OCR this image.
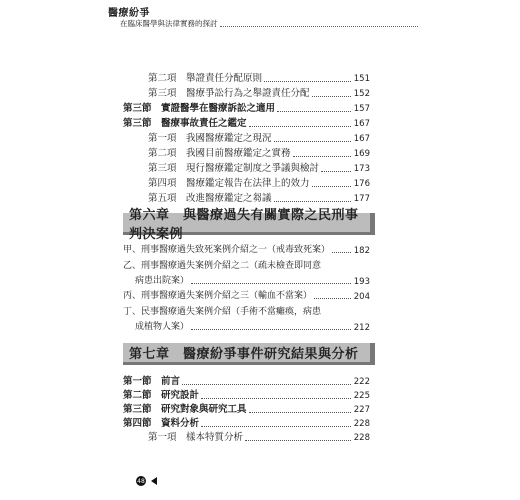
醫療紛爭
在臨床醫學與法律實務的探討
第二項　舉證責任分配原則	151
第三項　醫療爭訟行為之舉證責任分配	152
第三節　實證醫學在醫療訴訟之適用	157
第三節　醫療事故責任之鑑定	167
第一項　我國醫療鑑定之現況	167
第二項　我國目前醫療鑑定之實務	169
第三項　現行醫療鑑定制度之爭議與檢討	173
第四項　醫療鑑定報告在法律上的效力	176
第五項　改進醫療鑑定之芻議	177
第六章　與醫療過失有關實際之民刑事判決案例
甲、刑事醫療過失致死案例介紹之一（戒毒致死案）	182
乙、刑事醫療過失案例介紹之二（疏未檢查即同意
病患出院案）	193
丙、刑事醫療過失案例介紹之三（輸血不當案）	204
丁、民事醫療過失案例介紹（手術不當癱瘓，病患
成植物人案）	212
第七章　醫療紛爭事件研究結果與分析
第一節　前言	222
第二節　研究設計	225
第三節　研究對象與研究工具	227
第四節　資料分析	228
第一項　樣本特質分析	228
48
